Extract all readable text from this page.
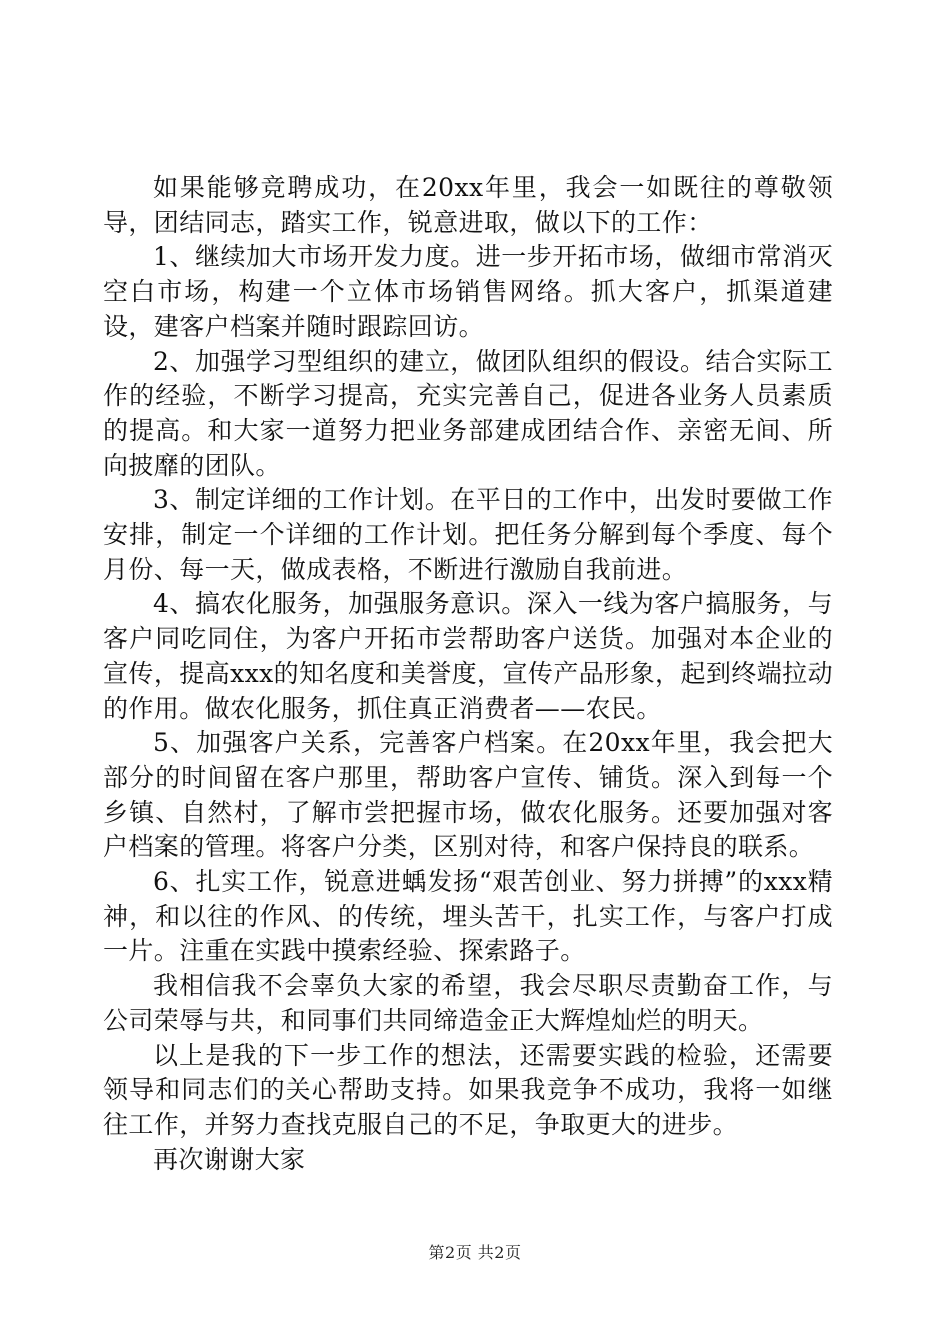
如果能够竞聘成功，在20xx年里，我会一如既往的尊敬领导，团结同志，踏实工作，锐意进取，做以下的工作：

1、继续加大市场开发力度。进一步开拓市场，做细市常消灭空白市场，构建一个立体市场销售网络。抓大客户，抓渠道建设，建客户档案并随时跟踪回访。

2、加强学习型组织的建立，做团队组织的假设。结合实际工作的经验，不断学习提高，充实完善自己，促进各业务人员素质的提高。和大家一道努力把业务部建成团结合作、亲密无间、所向披靡的团队。

3、制定详细的工作计划。在平日的工作中，出发时要做工作安排，制定一个详细的工作计划。把任务分解到每个季度、每个月份、每一天，做成表格，不断进行激励自我前进。

4、搞农化服务，加强服务意识。深入一线为客户搞服务，与客户同吃同住，为客户开拓市尝帮助客户送货。加强对本企业的宣传，提高xxx的知名度和美誉度，宣传产品形象，起到终端拉动的作用。做农化服务，抓住真正消费者——农民。

5、加强客户关系，完善客户档案。在20xx年里，我会把大部分的时间留在客户那里，帮助客户宣传、铺货。深入到每一个乡镇、自然村，了解市尝把握市场，做农化服务。还要加强对客户档案的管理。将客户分类，区别对待，和客户保持良的联系。

6、扎实工作，锐意进蝺发扬“艰苦创业、努力拼搏”的xxx精神，和以往的作风、的传统，埋头苦干，扎实工作，与客户打成一片。注重在实践中摸索经验、探索路子。

我相信我不会辜负大家的希望，我会尽职尽责勤奋工作，与公司荣辱与共，和同事们共同缔造金正大辉煌灿烂的明天。

以上是我的下一步工作的想法，还需要实践的检验，还需要领导和同志们的关心帮助支持。如果我竞争不成功，我将一如继往工作，并努力查找克服自己的不足，争取更大的进步。

再次谢谢大家

第2页 共2页
